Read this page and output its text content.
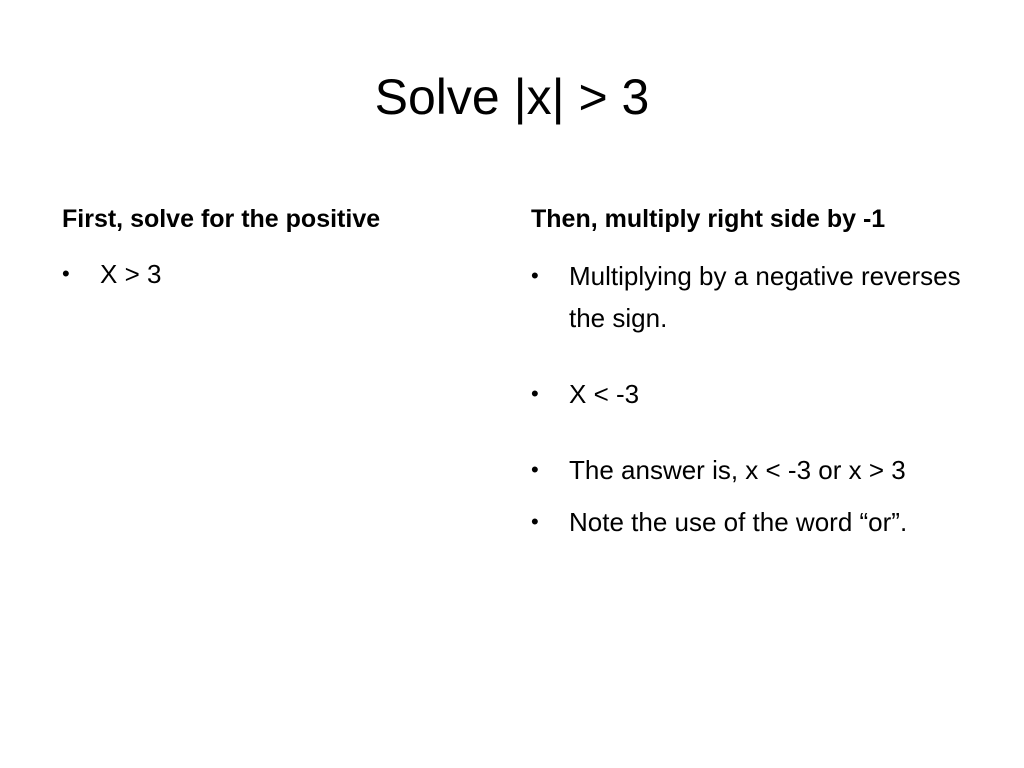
Solve |x| > 3
First, solve for the positive
• X > 3
Then, multiply right side by -1
• Multiplying by a negative reverses the sign.
• X < -3
• The answer is, x < -3 or x > 3
• Note the use of the word “or”.
